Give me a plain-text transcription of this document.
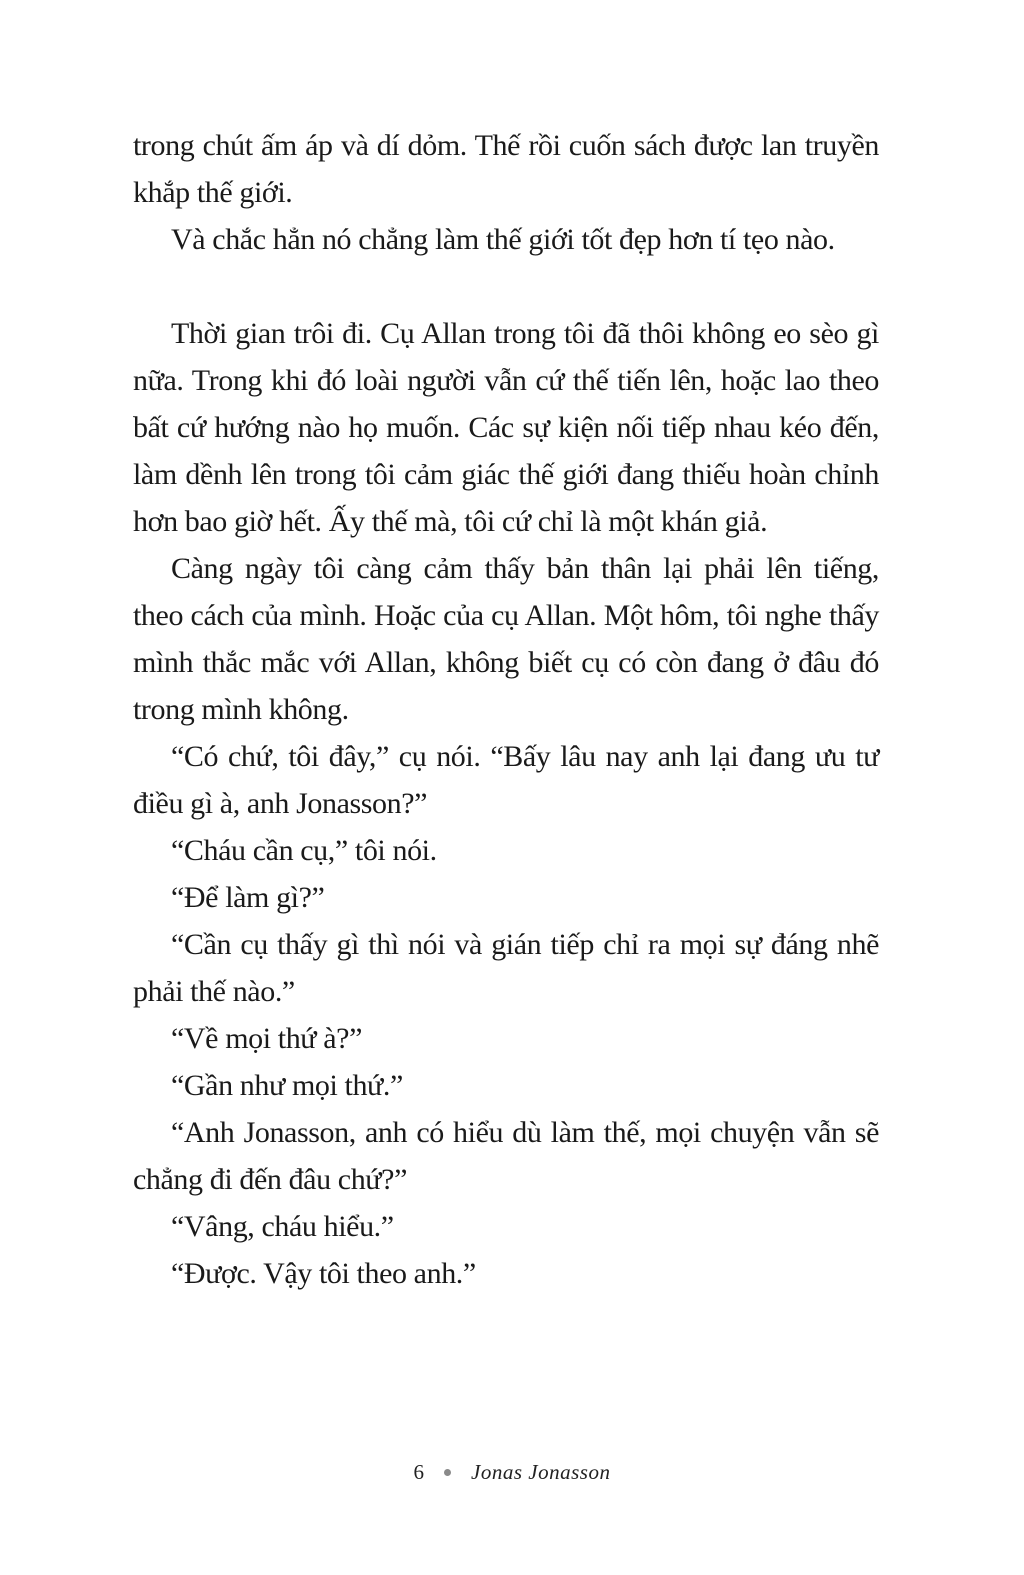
trong chút ấm áp và dí dỏm. Thế rồi cuốn sách được lan truyền khắp thế giới.

Và chắc hẳn nó chẳng làm thế giới tốt đẹp hơn tí tẹo nào.

Thời gian trôi đi. Cụ Allan trong tôi đã thôi không eo sèo gì nữa. Trong khi đó loài người vẫn cứ thế tiến lên, hoặc lao theo bất cứ hướng nào họ muốn. Các sự kiện nối tiếp nhau kéo đến, làm dềnh lên trong tôi cảm giác thế giới đang thiếu hoàn chỉnh hơn bao giờ hết. Ấy thế mà, tôi cứ chỉ là một khán giả.

Càng ngày tôi càng cảm thấy bản thân lại phải lên tiếng, theo cách của mình. Hoặc của cụ Allan. Một hôm, tôi nghe thấy mình thắc mắc với Allan, không biết cụ có còn đang ở đâu đó trong mình không.

“Có chứ, tôi đây,” cụ nói. “Bấy lâu nay anh lại đang ưu tư điều gì à, anh Jonasson?”

“Cháu cần cụ,” tôi nói.

“Để làm gì?”

“Cần cụ thấy gì thì nói và gián tiếp chỉ ra mọi sự đáng nhẽ phải thế nào.”

“Về mọi thứ à?”

“Gần như mọi thứ.”

“Anh Jonasson, anh có hiểu dù làm thế, mọi chuyện vẫn sẽ chẳng đi đến đâu chứ?”

“Vâng, cháu hiểu.”

“Được. Vậy tôi theo anh.”

6 Jonas Jonasson
